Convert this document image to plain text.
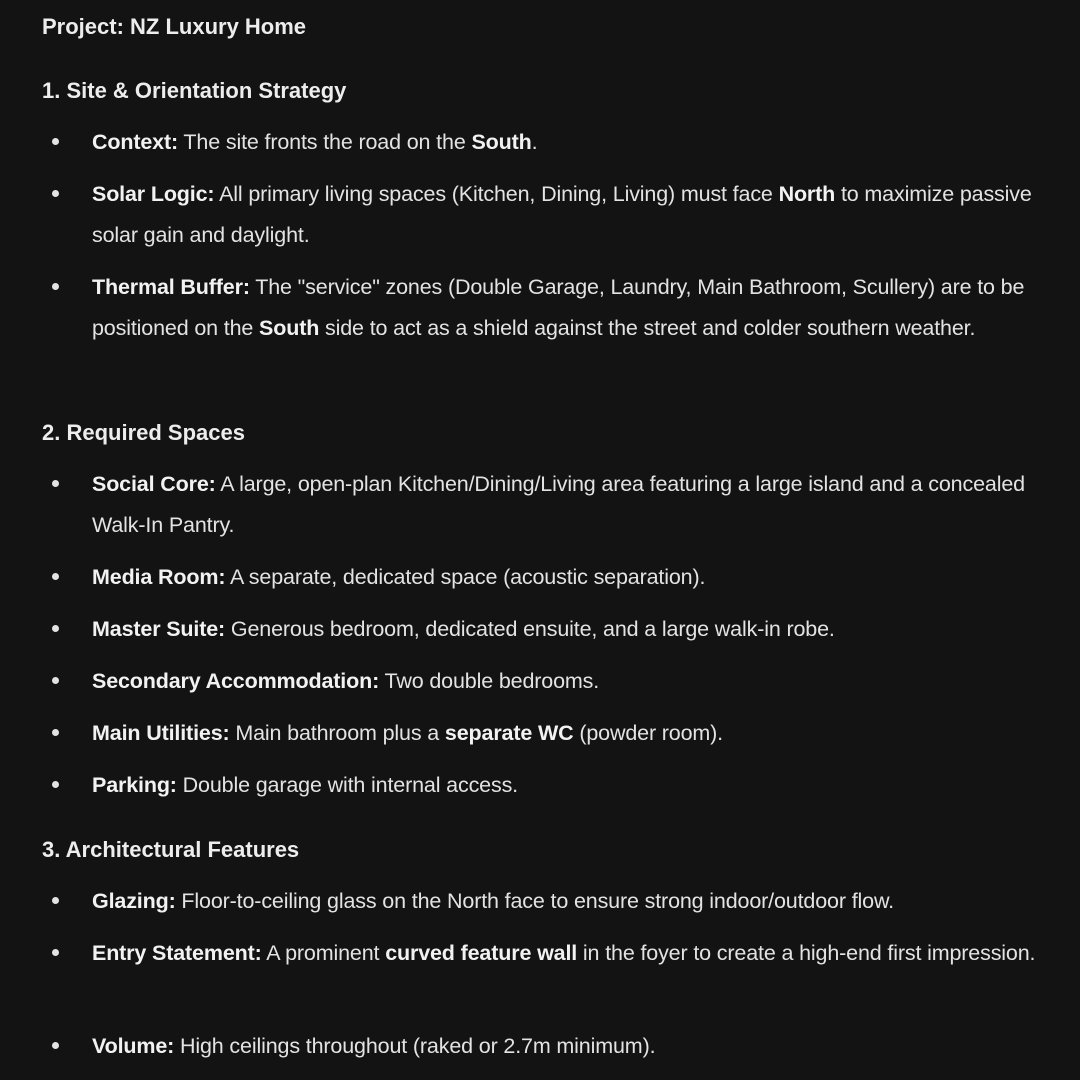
Project: NZ Luxury Home
1. Site & Orientation Strategy
Context: The site fronts the road on the South.
Solar Logic: All primary living spaces (Kitchen, Dining, Living) must face North to maximize passive solar gain and daylight.
Thermal Buffer: The "service" zones (Double Garage, Laundry, Main Bathroom, Scullery) are to be positioned on the South side to act as a shield against the street and colder southern weather.
2. Required Spaces
Social Core: A large, open-plan Kitchen/Dining/Living area featuring a large island and a concealed Walk-In Pantry.
Media Room: A separate, dedicated space (acoustic separation).
Master Suite: Generous bedroom, dedicated ensuite, and a large walk-in robe.
Secondary Accommodation: Two double bedrooms.
Main Utilities: Main bathroom plus a separate WC (powder room).
Parking: Double garage with internal access.
3. Architectural Features
Glazing: Floor-to-ceiling glass on the North face to ensure strong indoor/outdoor flow.
Entry Statement: A prominent curved feature wall in the foyer to create a high-end first impression.
Volume: High ceilings throughout (raked or 2.7m minimum).
